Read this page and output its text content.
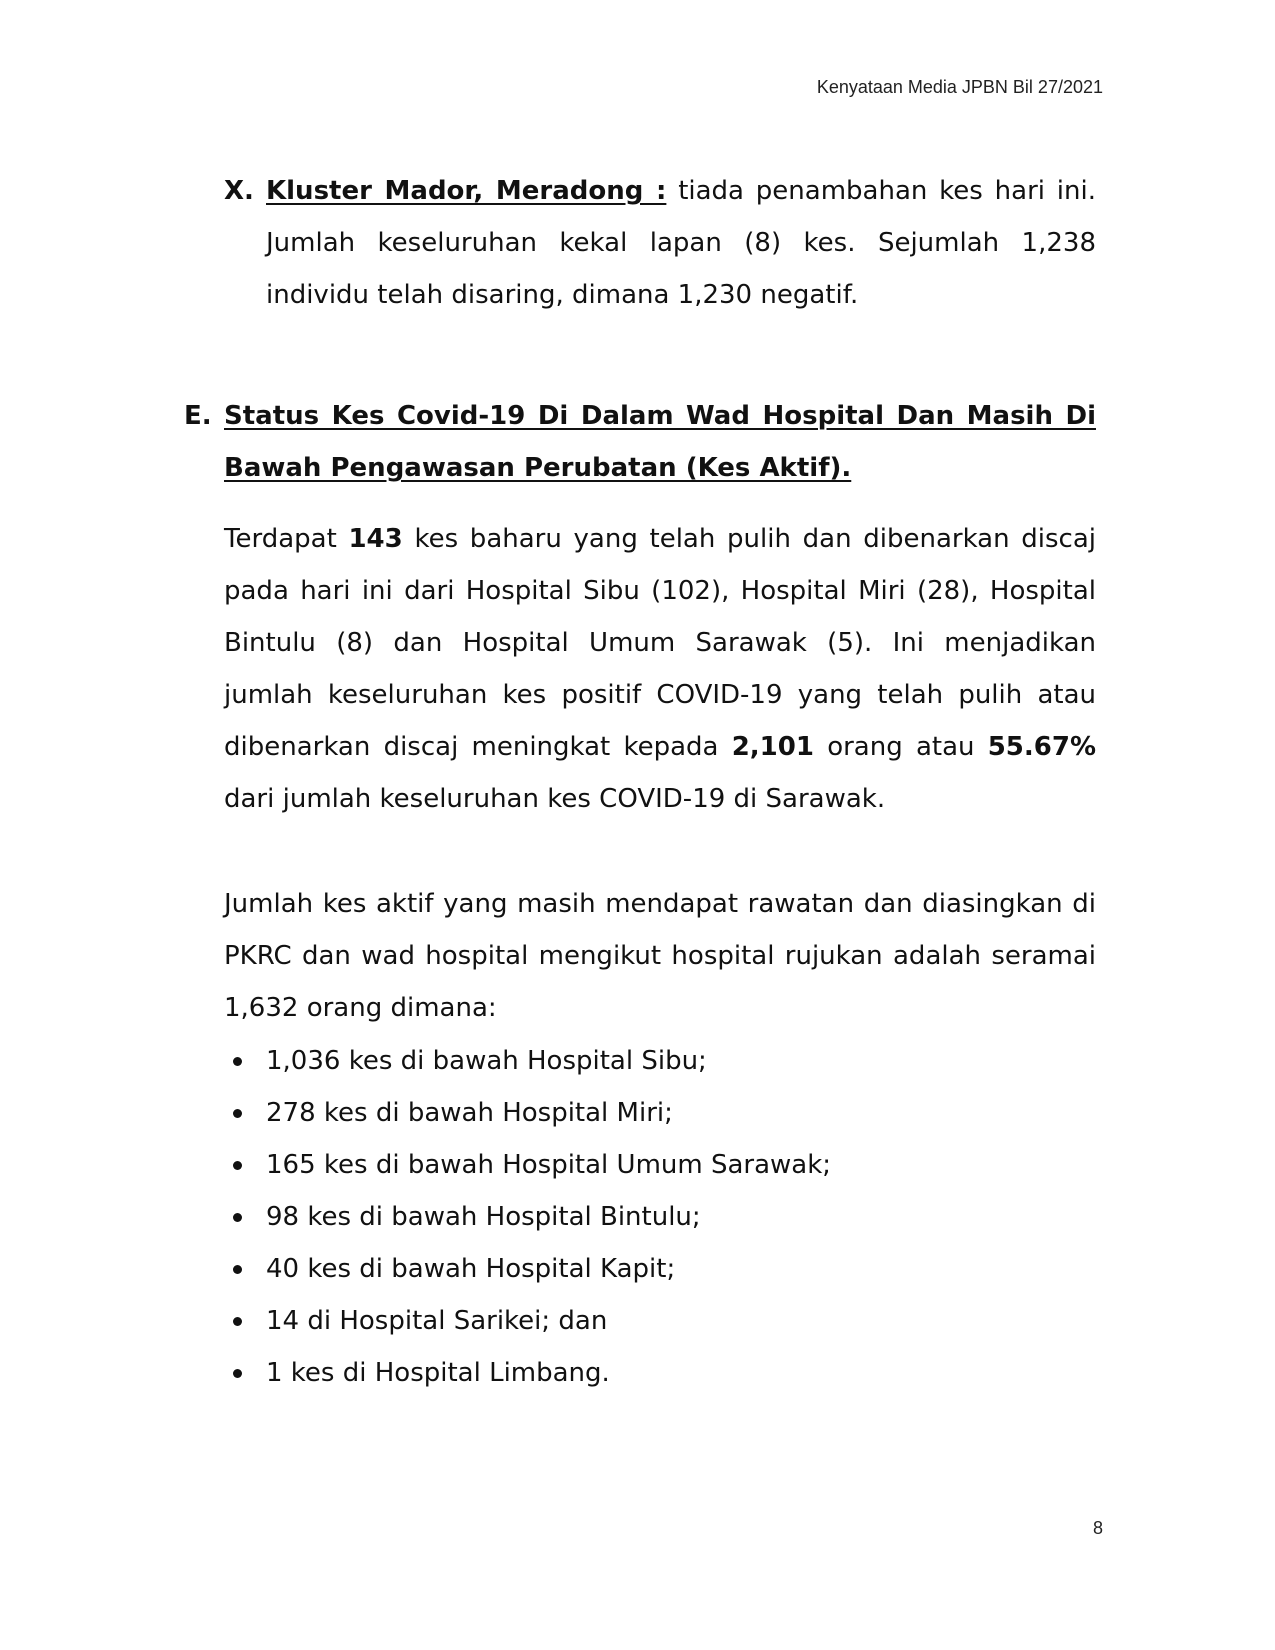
Kenyataan Media JPBN Bil 27/2021
X. Kluster Mador, Meradong : tiada penambahan kes hari ini. Jumlah keseluruhan kekal lapan (8) kes. Sejumlah 1,238 individu telah disaring, dimana 1,230 negatif.
E. Status Kes Covid-19 Di Dalam Wad Hospital Dan Masih Di Bawah Pengawasan Perubatan (Kes Aktif).
Terdapat 143 kes baharu yang telah pulih dan dibenarkan discaj pada hari ini dari Hospital Sibu (102), Hospital Miri (28), Hospital Bintulu (8) dan Hospital Umum Sarawak (5). Ini menjadikan jumlah keseluruhan kes positif COVID-19 yang telah pulih atau dibenarkan discaj meningkat kepada 2,101 orang atau 55.67% dari jumlah keseluruhan kes COVID-19 di Sarawak.
Jumlah kes aktif yang masih mendapat rawatan dan diasingkan di PKRC dan wad hospital mengikut hospital rujukan adalah seramai 1,632 orang dimana:
1,036 kes di bawah Hospital Sibu;
278 kes di bawah Hospital Miri;
165 kes di bawah Hospital Umum Sarawak;
98 kes di bawah Hospital Bintulu;
40 kes di bawah Hospital Kapit;
14 di Hospital Sarikei; dan
1 kes di Hospital Limbang.
8
